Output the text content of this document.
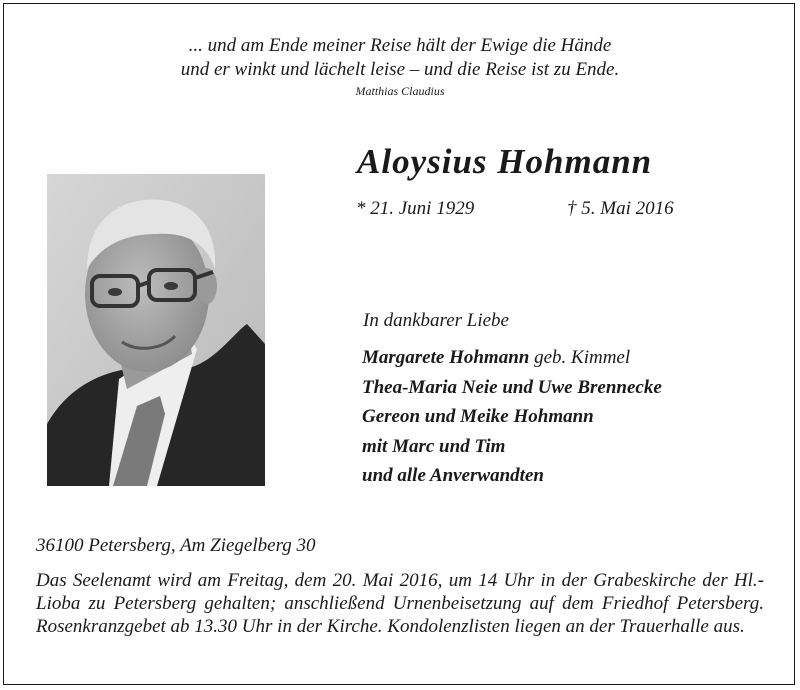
... und am Ende meiner Reise hält der Ewige die Hände
und er winkt und lächelt leise – und die Reise ist zu Ende.
Matthias Claudius
Aloysius Hohmann
* 21. Juni 1929	† 5. Mai 2016
In dankbarer Liebe
Margarete Hohmann geb. Kimmel
Thea-Maria Neie und Uwe Brennecke
Gereon und Meike Hohmann
mit Marc und Tim
und alle Anverwandten
36100 Petersberg, Am Ziegelberg 30
Das Seelenamt wird am Freitag, dem 20. Mai 2016, um 14 Uhr in der Grabeskirche der Hl.-Lioba zu Petersberg gehalten; anschließend Urnenbeisetzung auf dem Friedhof Petersberg. Rosenkranzgebet ab 13.30 Uhr in der Kirche. Kondolenzlisten liegen an der Trauerhalle aus.
